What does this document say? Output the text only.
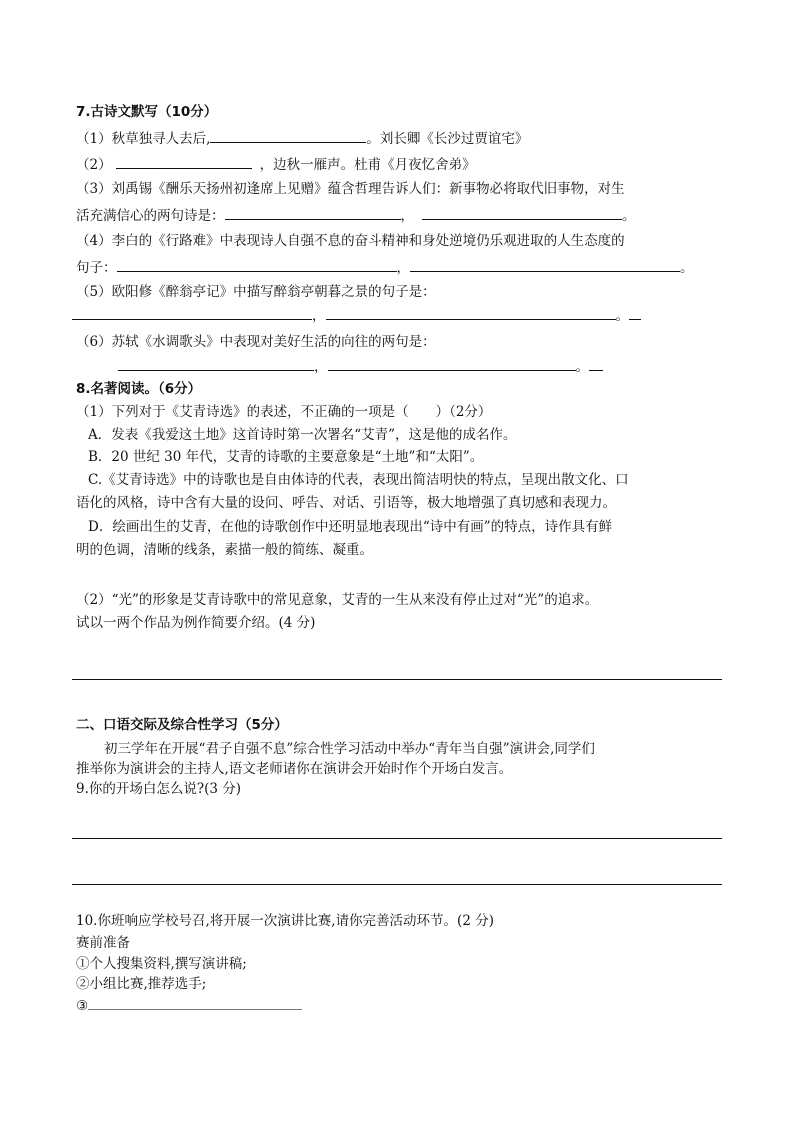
7.古诗文默写（10分）
（1）秋草独寻人去后,	。刘长卿《长沙过贾谊宅》
（2）	，边秋一雁声。杜甫《月夜忆舍弟》
（3）刘禹锡《酬乐天扬州初逢席上见赠》蕴含哲理告诉人们：新事物必将取代旧事物，对生
活充满信心的两句诗是：	，	。
（4）李白的《行路难》中表现诗人自强不息的奋斗精神和身处逆境仍乐观进取的人生态度的
句子：	，	。
（5）欧阳修《醉翁亭记》中描写醉翁亭朝暮之景的句子是：
，	。
（6）苏轼《水调歌头》中表现对美好生活的向往的两句是：
，	。
8.名著阅读。（6分）
（1）下列对于《艾青诗选》的表述，不正确的一项是（　　）（2分）
A．发表《我爱这土地》这首诗时第一次署名“艾青”，这是他的成名作。
B．20 世纪 30 年代，艾青的诗歌的主要意象是“土地”和“太阳”。
C.《艾青诗选》中的诗歌也是自由体诗的代表，表现出简洁明快的特点，呈现出散文化、口
语化的风格，诗中含有大量的设问、呼告、对话、引语等，极大地增强了真切感和表现力。
D．绘画出生的艾青，在他的诗歌创作中还明显地表现出“诗中有画”的特点，诗作具有鲜
明的色调，清晰的线条，素描一般的简练、凝重。
（2）“光”的形象是艾青诗歌中的常见意象，艾青的一生从来没有停止过对“光”的追求。
试以一两个作品为例作简要介绍。(4 分)
二、口语交际及综合性学习（5分）
初三学年在开展“君子自强不息”综合性学习活动中举办“青年当自强”演讲会,同学们
推举你为演讲会的主持人,语文老师诸你在演讲会开始时作个开场白发言。
9.你的开场白怎么说?(3 分)
10.你班响应学校号召,将开展一次演讲比赛,请你完善活动环节。(2 分)
赛前准备
①个人搜集资料,撰写演讲稿;
②小组比赛,推荐选手;
③
